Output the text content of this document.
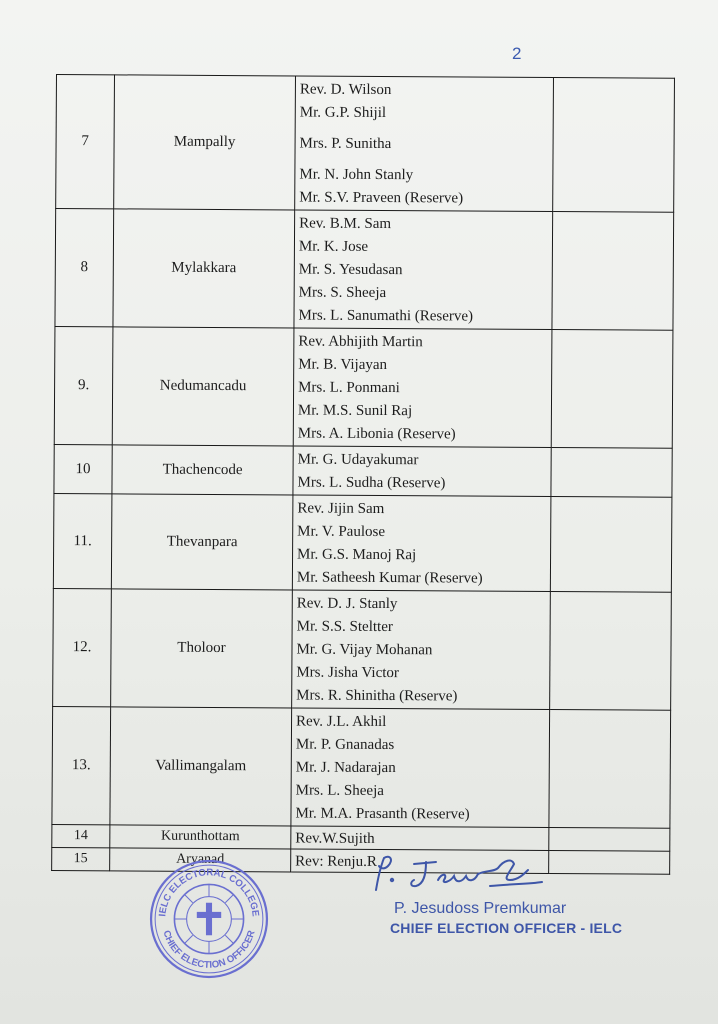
2
7	Mampally	Rev. D. Wilson
Mr. G.P. Shijil
Mrs. P. Sunitha
Mr. N. John Stanly
Mr. S.V. Praveen (Reserve)	

8	Mylakkara	Rev. B.M. Sam
Mr. K. Jose
Mr. S. Yesudasan
Mrs. S. Sheeja
Mrs. L. Sanumathi (Reserve)	

9.	Nedumancadu	Rev. Abhijith Martin
Mr. B. Vijayan
Mrs. L. Ponmani
Mr. M.S. Sunil Raj
Mrs. A. Libonia (Reserve)	

10	Thachencode	Mr. G. Udayakumar
Mrs. L. Sudha (Reserve)	

11.	Thevanpara	Rev. Jijin Sam
Mr. V. Paulose
Mr. G.S. Manoj Raj
Mr. Satheesh Kumar (Reserve)	

12.	Tholoor	Rev. D. J. Stanly
Mr. S.S. Steltter
Mr. G. Vijay Mohanan
Mrs. Jisha Victor
Mrs. R. Shinitha (Reserve)	

13.	Vallimangalam	Rev. J.L. Akhil
Mr. P. Gnanadas
Mr. J. Nadarajan
Mrs. L. Sheeja
Mr. M.A. Prasanth (Reserve)	

14	Kurunthottam	Rev.W.Sujith	

15	Aryanad	Rev: Renju.R	

IELC ELECTORAL COLLEGE
CHIEF ELECTION OFFICER
P. Jesudoss Premkumar
CHIEF ELECTION OFFICER - IELC
